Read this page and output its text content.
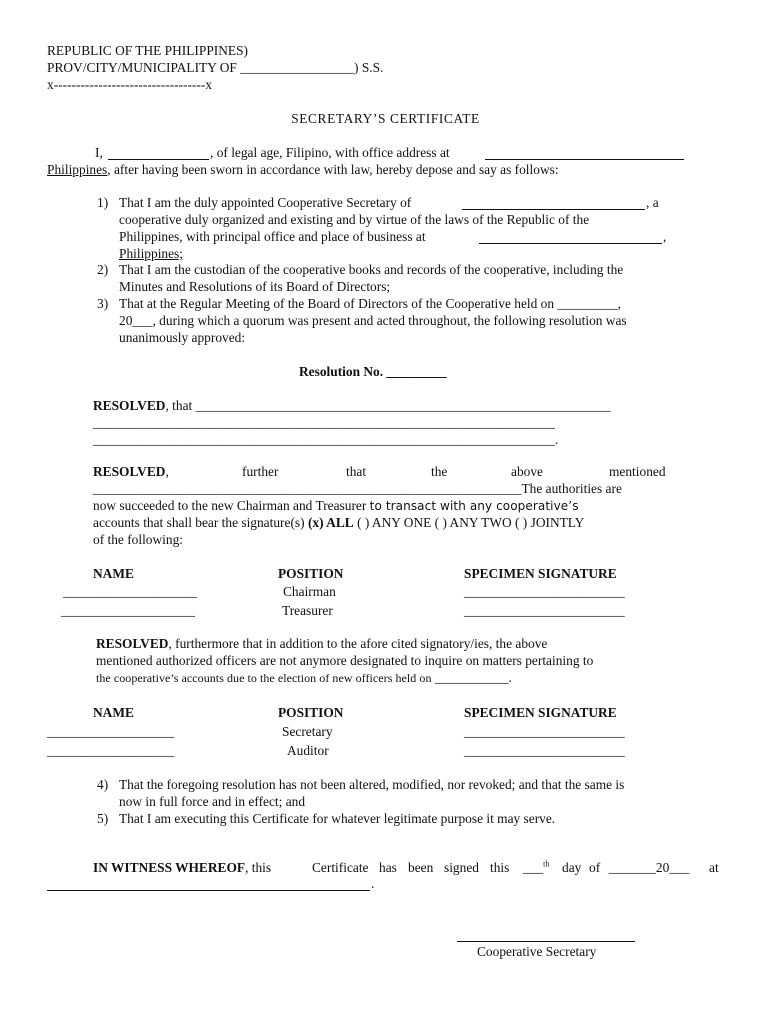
REPUBLIC OF THE PHILIPPINES)
PROV/CITY/MUNICIPALITY OF _________________) S.S.
x----------------------------------x
SECRETARY’S CERTIFICATE
I,	, of legal age, Filipino, with office address at
Philippines, after having been sworn in accordance with law, hereby depose and say as follows:
1) That I am the duly appointed Cooperative Secretary of	, a
cooperative duly organized and existing and by virtue of the laws of the Republic of the
Philippines, with principal office and place of business at	,
Philippines;
2) That I am the custodian of the cooperative books and records of the cooperative, including the
Minutes and Resolutions of its Board of Directors;
3) That at the Regular Meeting of the Board of Directors of the Cooperative held on _________,
20___, during which a quorum was present and acted throughout, the following resolution was
unanimously approved:
Resolution No. _________
RESOLVED, that ______________________________________________________________
_____________________________________________________________________
_____________________________________________________________________.
RESOLVED,	further	that	the	above	mentioned
________________________________________________________________The authorities are
now succeeded to the new Chairman and Treasurer to transact with any cooperative’s
accounts that shall bear the signature(s) (x) ALL ( ) ANY ONE ( ) ANY TWO ( ) JOINTLY
of the following:
NAME	POSITION	SPECIMEN SIGNATURE
____________________	Chairman	________________________
____________________	Treasurer	________________________
RESOLVED, furthermore that in addition to the afore cited signatory/ies, the above
mentioned authorized officers are not anymore designated to inquire on matters pertaining to
the cooperative’s accounts due to the election of new officers held on ___________.
NAME	POSITION	SPECIMEN SIGNATURE
___________________	Secretary	________________________
___________________	Auditor	________________________
4) That the foregoing resolution has not been altered, modified, nor revoked; and that the same is
now in full force and in effect; and
5) That I am executing this Certificate for whatever legitimate purpose it may serve.
IN WITNESS WHEREOF, this	Certificate has been signed this ___$^{th}$ day of _______20___ at
.
Cooperative Secretary
